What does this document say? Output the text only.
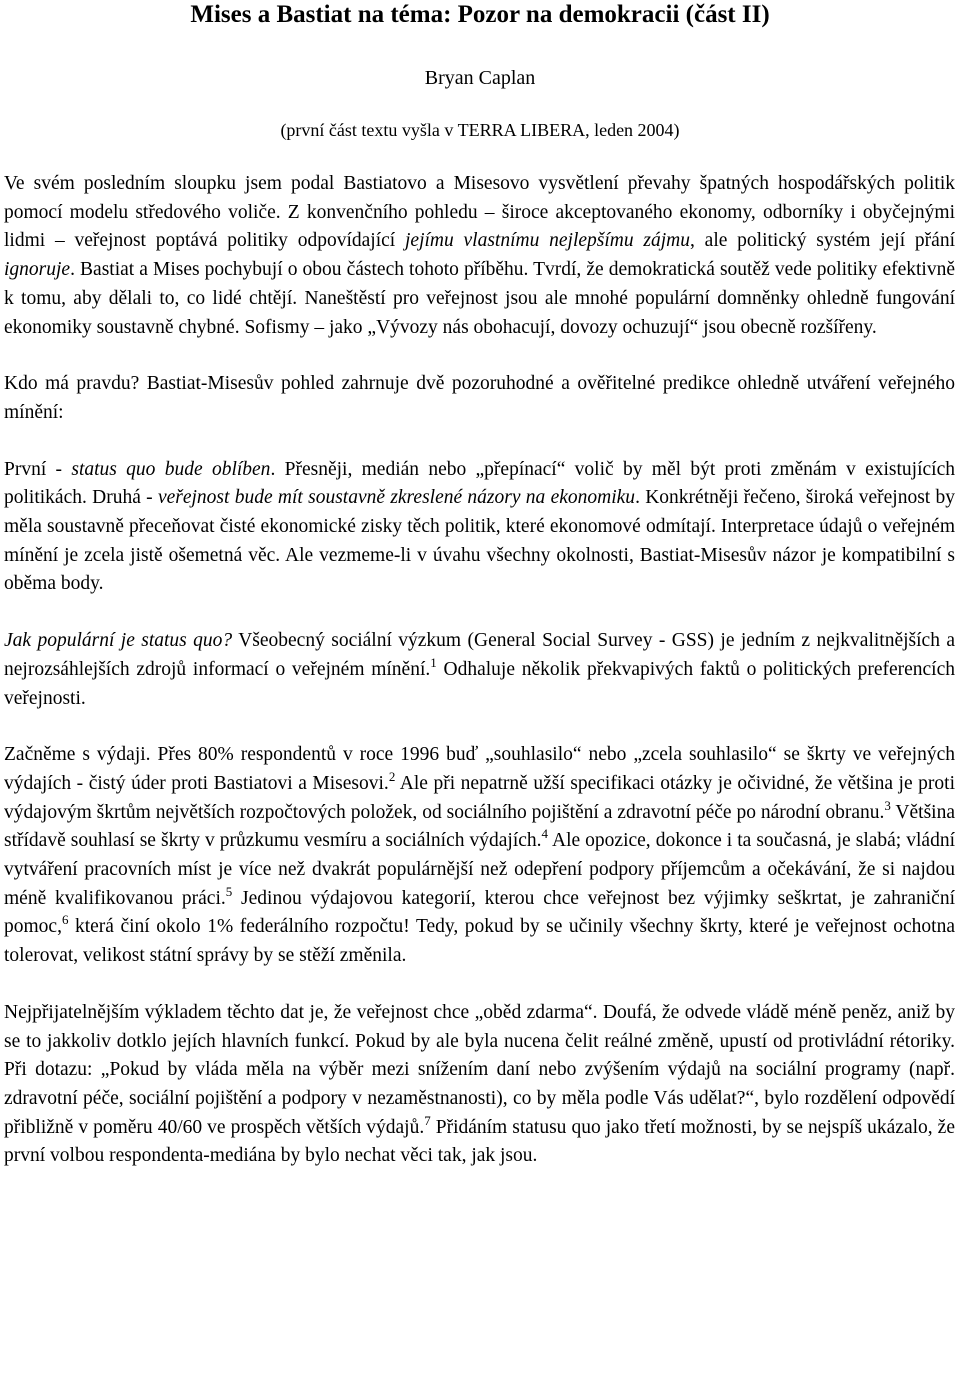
Mises a Bastiat na téma: Pozor na demokracii (část II)
Bryan Caplan
(první část textu vyšla v TERRA LIBERA, leden 2004)

Ve svém posledním sloupku jsem podal Bastiatovo a Misesovo vysvětlení převahy špatných hospodářských politik pomocí modelu středového voliče. Z konvenčního pohledu – široce akceptovaného ekonomy, odborníky i obyčejnými lidmi – veřejnost poptává politiky odpovídající jejímu vlastnímu nejlepšímu zájmu, ale politický systém její přání ignoruje. Bastiat a Mises pochybují o obou částech tohoto příběhu. Tvrdí, že demokratická soutěž vede politiky efektivně k tomu, aby dělali to, co lidé chtějí. Naneštěstí pro veřejnost jsou ale mnohé populární domněnky ohledně fungování ekonomiky soustavně chybné. Sofismy – jako „Vývozy nás obohacují, dovozy ochuzují“ jsou obecně rozšířeny.

Kdo má pravdu? Bastiat-Misesův pohled zahrnuje dvě pozoruhodné a ověřitelné predikce ohledně utváření veřejného mínění:

První - status quo bude oblíben. Přesněji, medián nebo „přepínací“ volič by měl být proti změnám v existujících politikách. Druhá - veřejnost bude mít soustavně zkreslené názory na ekonomiku. Konkrétněji řečeno, široká veřejnost by měla soustavně přeceňovat čisté ekonomické zisky těch politik, které ekonomové odmítají. Interpretace údajů o veřejném mínění je zcela jistě ošemetná věc. Ale vezmeme-li v úvahu všechny okolnosti, Bastiat-Misesův názor je kompatibilní s oběma body.

Jak populární je status quo? Všeobecný sociální výzkum (General Social Survey - GSS) je jedním z nejkvalitnějších a nejrozsáhlejších zdrojů informací o veřejném mínění.$^1$ Odhaluje několik překvapivých faktů o politických preferencích veřejnosti.

Začněme s výdaji. Přes 80% respondentů v roce 1996 buď „souhlasilo“ nebo „zcela souhlasilo“ se škrty ve veřejných výdajích - čistý úder proti Bastiatovi a Misesovi.$^2$ Ale při nepatrně užší specifikaci otázky je očividné, že většina je proti výdajovým škrtům největších rozpočtových položek, od sociálního pojištění a zdravotní péče po národní obranu.$^3$ Většina střídavě souhlasí se škrty v průzkumu vesmíru a sociálních výdajích.$^4$ Ale opozice, dokonce i ta současná, je slabá; vládní vytváření pracovních míst je více než dvakrát populárnější než odepření podpory příjemcům a očekávání, že si najdou méně kvalifikovanou práci.$^5$ Jedinou výdajovou kategorií, kterou chce veřejnost bez výjimky seškrtat, je zahraniční pomoc,$^6$ která činí okolo 1% federálního rozpočtu! Tedy, pokud by se učinily všechny škrty, které je veřejnost ochotna tolerovat, velikost státní správy by se stěží změnila.

Nejpřijatelnějším výkladem těchto dat je, že veřejnost chce „oběd zdarma“. Doufá, že odvede vládě méně peněz, aniž by se to jakkoliv dotklo jejích hlavních funkcí. Pokud by ale byla nucena čelit reálné změně, upustí od protivládní rétoriky. Při dotazu: „Pokud by vláda měla na výběr mezi snížením daní nebo zvýšením výdajů na sociální programy (např. zdravotní péče, sociální pojištění a podpory v nezaměstnanosti), co by měla podle Vás udělat?“, bylo rozdělení odpovědí přibližně v poměru 40/60 ve prospěch větších výdajů.$^7$ Přidáním statusu quo jako třetí možnosti, by se nejspíš ukázalo, že první volbou respondenta-mediána by bylo nechat věci tak, jak jsou.
